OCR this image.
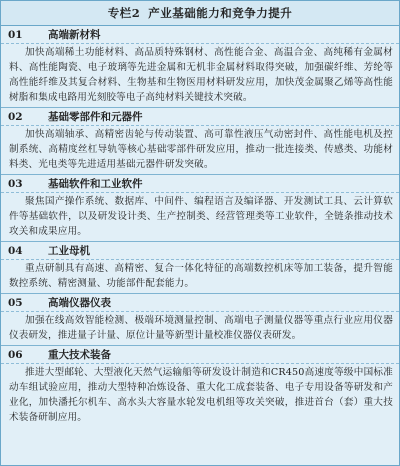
专栏2 产业基础能力和竞争力提升
01	高端新材料
加快高端稀土功能材料、高品质特殊钢材、高性能合金、高温合金、高纯稀有金属材料、高性能陶瓷、电子玻璃等先进金属和无机非金属材料取得突破，加强碳纤维、芳纶等高性能纤维及其复合材料、生物基和生物医用材料研发应用，加快茂金属聚乙烯等高性能树脂和集成电路用光刻胶等电子高纯材料关键技术突破。
02	基础零部件和元器件
加快高端轴承、高精密齿轮与传动装置、高可靠性液压气动密封件、高性能电机及控制系统、高精度丝杠导轨等核心基础零部件研发应用，推动一批连接类、传感类、功能材料类、光电类等先进适用基础元器件研发突破。
03	基础软件和工业软件
聚焦国产操作系统、数据库、中间件、编程语言及编译器、开发测试工具、云计算软件等基础软件，以及研发设计类、生产控制类、经营管理类等工业软件，全链条推动技术攻关和成果应用。
04	工业母机
重点研制具有高速、高精密、复合一体化特征的高端数控机床等加工装备，提升智能数控系统、精密测量、功能部件配套能力。
05	高端仪器仪表
加强在线高效智能检测、极端环境测量控制、高端电子测量仪器等重点行业应用仪器仪表研发，推进量子计量、原位计量等新型计量校准仪器仪表研发。
06	重大技术装备
推进大型邮轮、大型液化天然气运输船等研发设计制造和CR450高速度等级中国标准动车组试验应用，推动大型特种冶炼设备、重大化工成套装备、电子专用设备等研发和产业化，加快潘托尔机车、高水头大容量水轮发电机组等攻关突破，推进首台（套）重大技术装备研制应用。
